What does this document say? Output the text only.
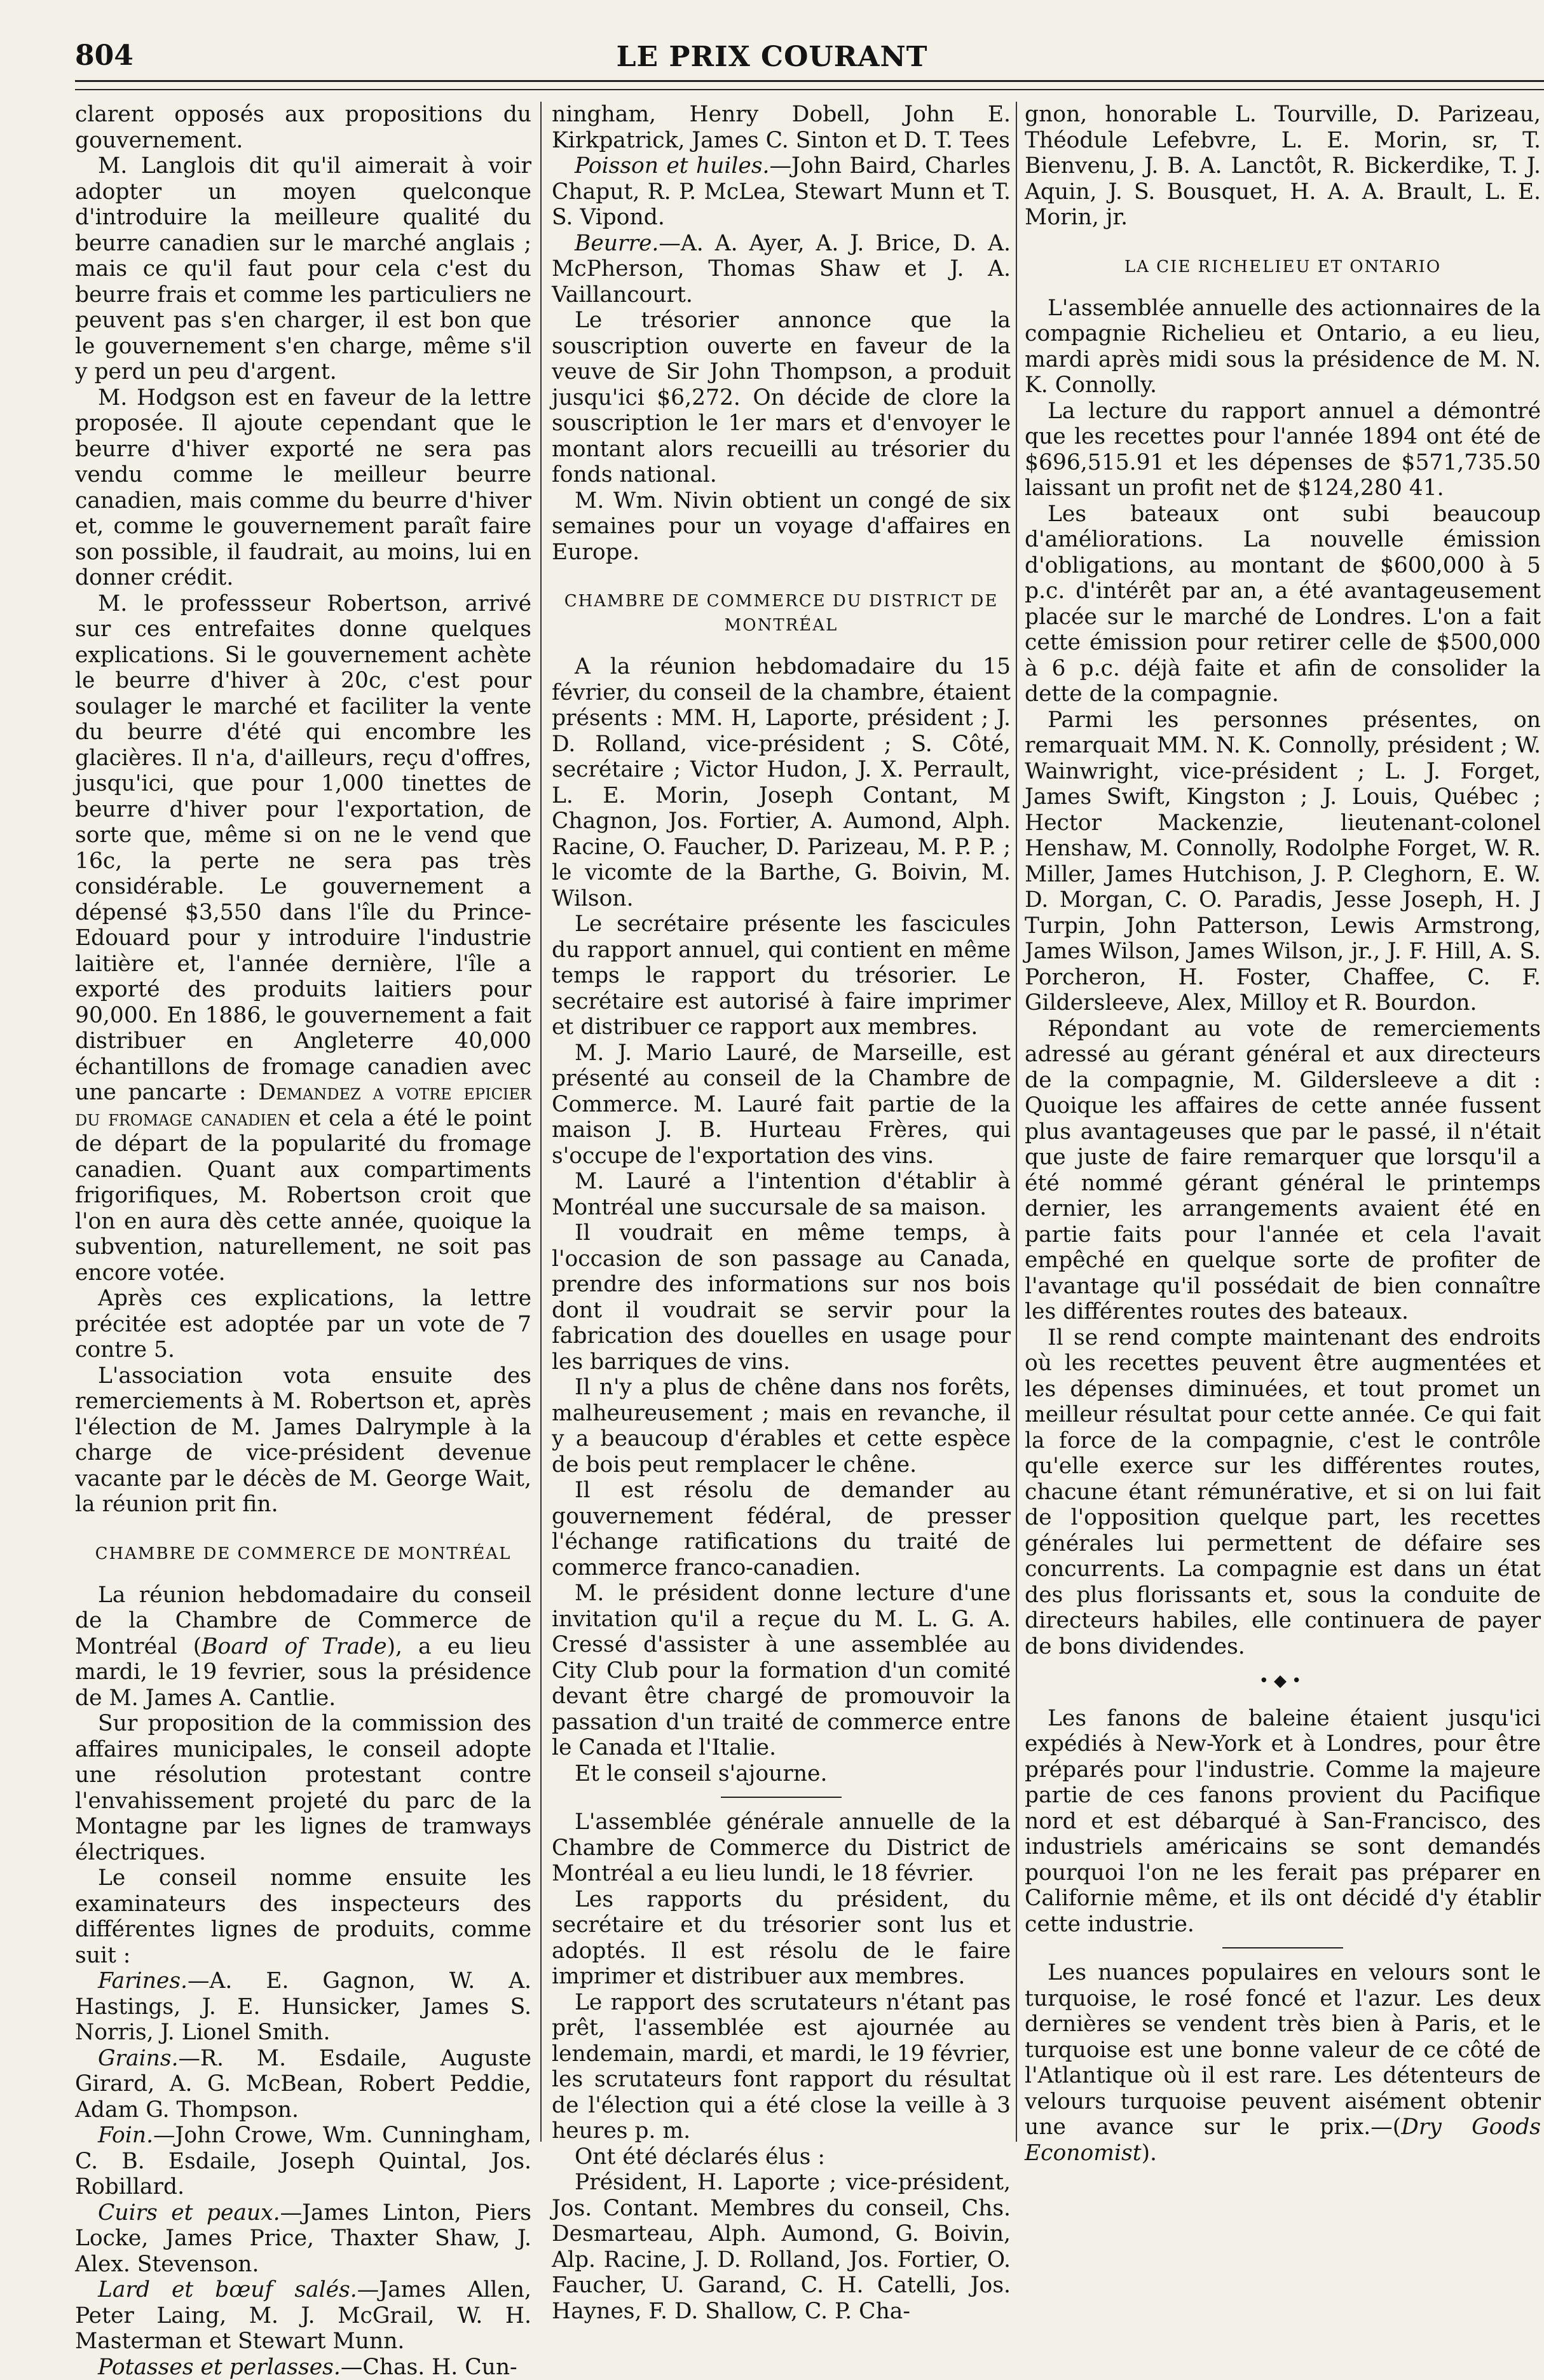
804	LE PRIX COURANT

clarent opposés aux propositions du gouvernement.

M. Langlois dit qu'il aimerait à voir adopter un moyen quelconque d'introduire la meilleure qualité du beurre canadien sur le marché anglais ; mais ce qu'il faut pour cela c'est du beurre frais et comme les particuliers ne peuvent pas s'en charger, il est bon que le gouvernement s'en charge, même s'il y perd un peu d'argent.

M. Hodgson est en faveur de la lettre proposée. Il ajoute cependant que le beurre d'hiver exporté ne sera pas vendu comme le meilleur beurre canadien, mais comme du beurre d'hiver et, comme le gouvernement paraît faire son possible, il faudrait, au moins, lui en donner crédit.

M. le professseur Robertson, arrivé sur ces entrefaites donne quelques explications. Si le gouvernement achète le beurre d'hiver à 20c, c'est pour soulager le marché et faciliter la vente du beurre d'été qui encombre les glacières. Il n'a, d'ailleurs, reçu d'offres, jusqu'ici, que pour 1,000 tinettes de beurre d'hiver pour l'exportation, de sorte que, même si on ne le vend que 16c, la perte ne sera pas très considérable. Le gouvernement a dépensé $3,550 dans l'île du Prince-Edouard pour y introduire l'industrie laitière et, l'année dernière, l'île a exporté des produits laitiers pour 90,000. En 1886, le gouvernement a fait distribuer en Angleterre 40,000 échantillons de fromage canadien avec une pancarte : Demandez a votre epicier du fromage canadien et cela a été le point de départ de la popularité du fromage canadien. Quant aux compartiments frigorifiques, M. Robertson croit que l'on en aura dès cette année, quoique la subvention, naturellement, ne soit pas encore votée.

Après ces explications, la lettre précitée est adoptée par un vote de 7 contre 5.

L'association vota ensuite des remerciements à M. Robertson et, après l'élection de M. James Dalrymple à la charge de vice-président devenue vacante par le décès de M. George Wait, la réunion prit fin.

CHAMBRE DE COMMERCE DE MONTRÉAL

La réunion hebdomadaire du conseil de la Chambre de Commerce de Montréal (Board of Trade), a eu lieu mardi, le 19 fevrier, sous la présidence de M. James A. Cantlie.

Sur proposition de la commission des affaires municipales, le conseil adopte une résolution protestant contre l'envahissement projeté du parc de la Montagne par les lignes de tramways électriques.

Le conseil nomme ensuite les examinateurs des inspecteurs des différentes lignes de produits, comme suit :

Farines.—A. E. Gagnon, W. A. Hastings, J. E. Hunsicker, James S. Norris, J. Lionel Smith.

Grains.—R. M. Esdaile, Auguste Girard, A. G. McBean, Robert Peddie, Adam G. Thompson.

Foin.—John Crowe, Wm. Cunningham, C. B. Esdaile, Joseph Quintal, Jos. Robillard.

Cuirs et peaux.—James Linton, Piers Locke, James Price, Thaxter Shaw, J. Alex. Stevenson.

Lard et bœuf salés.—James Allen, Peter Laing, M. J. McGrail, W. H. Masterman et Stewart Munn.

Potasses et perlasses.—Chas. H. Cun-

ningham, Henry Dobell, John E. Kirkpatrick, James C. Sinton et D. T. Tees

Poisson et huiles.—John Baird, Charles Chaput, R. P. McLea, Stewart Munn et T. S. Vipond.

Beurre.—A. A. Ayer, A. J. Brice, D. A. McPherson, Thomas Shaw et J. A. Vaillancourt.

Le trésorier annonce que la souscription ouverte en faveur de la veuve de Sir John Thompson, a produit jusqu'ici $6,272. On décide de clore la souscription le 1er mars et d'envoyer le montant alors recueilli au trésorier du fonds national.

M. Wm. Nivin obtient un congé de six semaines pour un voyage d'affaires en Europe.

CHAMBRE DE COMMERCE DU DISTRICT DE MONTRÉAL

A la réunion hebdomadaire du 15 février, du conseil de la chambre, étaient présents : MM. H, Laporte, président ; J. D. Rolland, vice-président ; S. Côté, secrétaire ; Victor Hudon, J. X. Perrault, L. E. Morin, Joseph Contant, M Chagnon, Jos. Fortier, A. Aumond, Alph. Racine, O. Faucher, D. Parizeau, M. P. P. ; le vicomte de la Barthe, G. Boivin, M. Wilson.

Le secrétaire présente les fascicules du rapport annuel, qui contient en même temps le rapport du trésorier. Le secrétaire est autorisé à faire imprimer et distribuer ce rapport aux membres.

M. J. Mario Lauré, de Marseille, est présenté au conseil de la Chambre de Commerce. M. Lauré fait partie de la maison J. B. Hurteau Frères, qui s'occupe de l'exportation des vins.

M. Lauré a l'intention d'établir à Montréal une succursale de sa maison.

Il voudrait en même temps, à l'occasion de son passage au Canada, prendre des informations sur nos bois dont il voudrait se servir pour la fabrication des douelles en usage pour les barriques de vins.

Il n'y a plus de chêne dans nos forêts, malheureusement ; mais en revanche, il y a beaucoup d'érables et cette espèce de bois peut remplacer le chêne.

Il est résolu de demander au gouvernement fédéral, de presser l'échange ratifications du traité de commerce franco-canadien.

M. le président donne lecture d'une invitation qu'il a reçue du M. L. G. A. Cressé d'assister à une assemblée au City Club pour la formation d'un comité devant être chargé de promouvoir la passation d'un traité de commerce entre le Canada et l'Italie.

Et le conseil s'ajourne.

L'assemblée générale annuelle de la Chambre de Commerce du District de Montréal a eu lieu lundi, le 18 février.

Les rapports du président, du secrétaire et du trésorier sont lus et adoptés. Il est résolu de le faire imprimer et distribuer aux membres.

Le rapport des scrutateurs n'étant pas prêt, l'assemblée est ajournée au lendemain, mardi, et mardi, le 19 février, les scrutateurs font rapport du résultat de l'élection qui a été close la veille à 3 heures p. m.

Ont été déclarés élus :

Président, H. Laporte ; vice-président, Jos. Contant. Membres du conseil, Chs. Desmarteau, Alph. Aumond, G. Boivin, Alp. Racine, J. D. Rolland, Jos. Fortier, O. Faucher, U. Garand, C. H. Catelli, Jos. Haynes, F. D. Shallow, C. P. Cha-

gnon, honorable L. Tourville, D. Parizeau, Théodule Lefebvre, L. E. Morin, sr, T. Bienvenu, J. B. A. Lanctôt, R. Bickerdike, T. J. Aquin, J. S. Bousquet, H. A. A. Brault, L. E. Morin, jr.

LA CIE RICHELIEU ET ONTARIO

L'assemblée annuelle des actionnaires de la compagnie Richelieu et Ontario, a eu lieu, mardi après midi sous la présidence de M. N. K. Connolly.

La lecture du rapport annuel a démontré que les recettes pour l'année 1894 ont été de $696,515.91 et les dépenses de $571,735.50 laissant un profit net de $124,280 41.

Les bateaux ont subi beaucoup d'améliorations. La nouvelle émission d'obligations, au montant de $600,000 à 5 p.c. d'intérêt par an, a été avantageusement placée sur le marché de Londres. L'on a fait cette émission pour retirer celle de $500,000 à 6 p.c. déjà faite et afin de consolider la dette de la compagnie.

Parmi les personnes présentes, on remarquait MM. N. K. Connolly, président ; W. Wainwright, vice-président ; L. J. Forget, James Swift, Kingston ; J. Louis, Québec ; Hector Mackenzie, lieutenant-colonel Henshaw, M. Connolly, Rodolphe Forget, W. R. Miller, James Hutchison, J. P. Cleghorn, E. W. D. Morgan, C. O. Paradis, Jesse Joseph, H. J Turpin, John Patterson, Lewis Armstrong, James Wilson, James Wilson, jr., J. F. Hill, A. S. Porcheron, H. Foster, Chaffee, C. F. Gildersleeve, Alex, Milloy et R. Bourdon.

Répondant au vote de remerciements adressé au gérant général et aux directeurs de la compagnie, M. Gildersleeve a dit : Quoique les affaires de cette année fussent plus avantageuses que par le passé, il n'était que juste de faire remarquer que lorsqu'il a été nommé gérant général le printemps dernier, les arrangements avaient été en partie faits pour l'année et cela l'avait empêché en quelque sorte de profiter de l'avantage qu'il possédait de bien connaître les différentes routes des bateaux.

Il se rend compte maintenant des endroits où les recettes peuvent être augmentées et les dépenses diminuées, et tout promet un meilleur résultat pour cette année. Ce qui fait la force de la compagnie, c'est le contrôle qu'elle exerce sur les différentes routes, chacune étant rémunérative, et si on lui fait de l'opposition quelque part, les recettes générales lui permettent de défaire ses concurrents. La compagnie est dans un état des plus florissants et, sous la conduite de directeurs habiles, elle continuera de payer de bons dividendes.

•◆•

Les fanons de baleine étaient jusqu'ici expédiés à New-York et à Londres, pour être préparés pour l'industrie. Comme la majeure partie de ces fanons provient du Pacifique nord et est débarqué à San-Francisco, des industriels américains se sont demandés pourquoi l'on ne les ferait pas préparer en Californie même, et ils ont décidé d'y établir cette industrie.

Les nuances populaires en velours sont le turquoise, le rosé foncé et l'azur. Les deux dernières se vendent très bien à Paris, et le turquoise est une bonne valeur de ce côté de l'Atlantique où il est rare. Les détenteurs de velours turquoise peuvent aisément obtenir une avance sur le prix.—(Dry Goods Economist).
